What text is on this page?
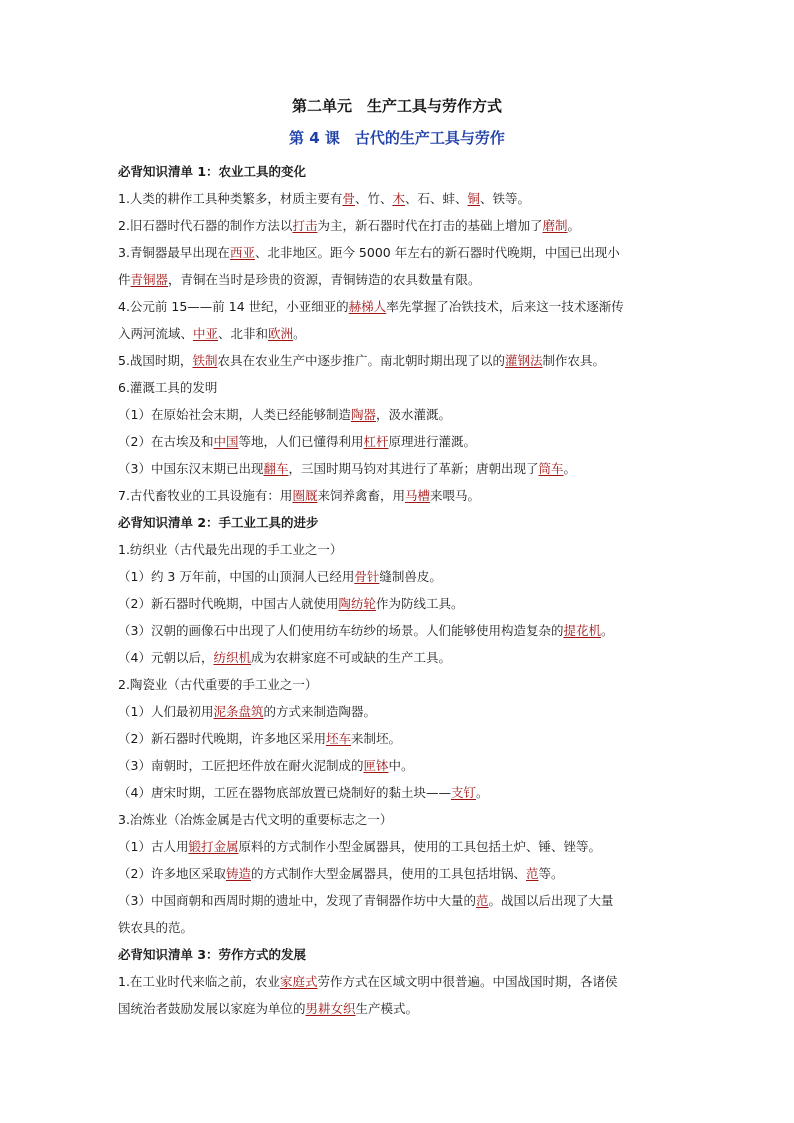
第二单元　生产工具与劳作方式
第 4 课　古代的生产工具与劳作
必背知识清单 1：农业工具的变化
1.人类的耕作工具种类繁多，材质主要有骨、竹、木、石、蚌、铜、铁等。
2.旧石器时代石器的制作方法以打击为主，新石器时代在打击的基础上增加了磨制。
3.青铜器最早出现在西亚、北非地区。距今 5000 年左右的新石器时代晚期，中国已出现小
件青铜器，青铜在当时是珍贵的资源，青铜铸造的农具数量有限。
4.公元前 15——前 14 世纪，小亚细亚的赫梯人率先掌握了冶铁技术，后来这一技术逐渐传
入两河流域、中亚、北非和欧洲。
5.战国时期，铁制农具在农业生产中逐步推广。南北朝时期出现了以的灌钢法制作农具。
6.灌溉工具的发明
（1）在原始社会末期，人类已经能够制造陶器，汲水灌溉。
（2）在古埃及和中国等地，人们已懂得利用杠杆原理进行灌溉。
（3）中国东汉末期已出现翻车，三国时期马钧对其进行了革新；唐朝出现了筒车。
7.古代畜牧业的工具设施有：用圈厩来饲养禽畜，用马槽来喂马。
必背知识清单 2：手工业工具的进步
1.纺织业（古代最先出现的手工业之一）
（1）约 3 万年前，中国的山顶洞人已经用骨针缝制兽皮。
（2）新石器时代晚期，中国古人就使用陶纺轮作为防线工具。
（3）汉朝的画像石中出现了人们使用纺车纺纱的场景。人们能够使用构造复杂的提花机。
（4）元朝以后，纺织机成为农耕家庭不可或缺的生产工具。
2.陶瓷业（古代重要的手工业之一）
（1）人们最初用泥条盘筑的方式来制造陶器。
（2）新石器时代晚期，许多地区采用坯车来制坯。
（3）南朝时，工匠把坯件放在耐火泥制成的匣钵中。
（4）唐宋时期，工匠在器物底部放置已烧制好的黏土块——支钉。
3.冶炼业（冶炼金属是古代文明的重要标志之一）
（1）古人用锻打金属原料的方式制作小型金属器具，使用的工具包括土炉、锤、锉等。
（2）许多地区采取铸造的方式制作大型金属器具，使用的工具包括坩锅、范等。
（3）中国商朝和西周时期的遗址中，发现了青铜器作坊中大量的范。战国以后出现了大量
铁农具的范。
必背知识清单 3：劳作方式的发展
1.在工业时代来临之前，农业家庭式劳作方式在区域文明中很普遍。中国战国时期，各诸侯
国统治者鼓励发展以家庭为单位的男耕女织生产模式。
